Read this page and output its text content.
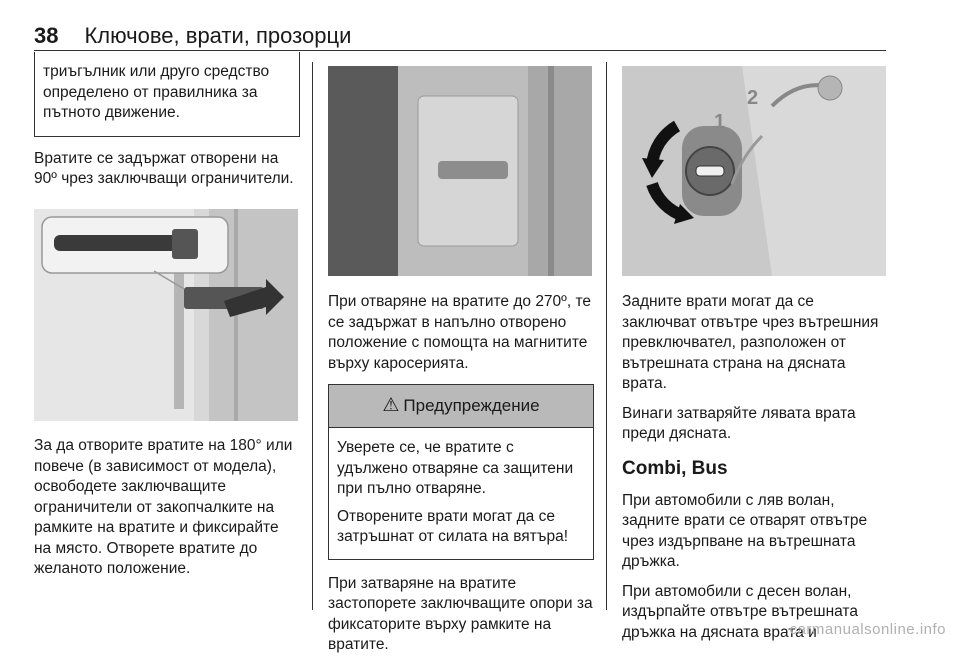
38 Ключове, врати, прозорци
триъгълник или друго средство определено от правилника за пътното движение.

Вратите се задържат отворени на 90º чрез заключващи ограничители.

За да отворите вратите на 180° или повече (в зависимост от модела), освободете заключващите ограничители от закопчалките на рамките на вратите и фиксирайте на място. Отворете вратите до желаното положение.

При отваряне на вратите до 270º, те се задържат в напълно отворено положение с помощта на магнитите върху каросерията.

⚠ Предупреждение

Уверете се, че вратите с удължено отваряне са защитени при пълно отваряне.

Отворените врати могат да се затръшнат от силата на вятъра!

При затваряне на вратите застопорете заключващите опори за фиксаторите върху рамките на вратите.

2
1

Задните врати могат да се заключват отвътре чрез вътрешния превключвател, разположен от вътрешната страна на дясната врата.

Винаги затваряйте лявата врата преди дясната.

Combi, Bus

При автомобили с ляв волан, задните врати се отварят отвътре чрез издърпване на вътрешната дръжка.

При автомобили с десен волан, издърпайте отвътре вътрешната дръжка на дясната врата и

carmanualsonline.info
